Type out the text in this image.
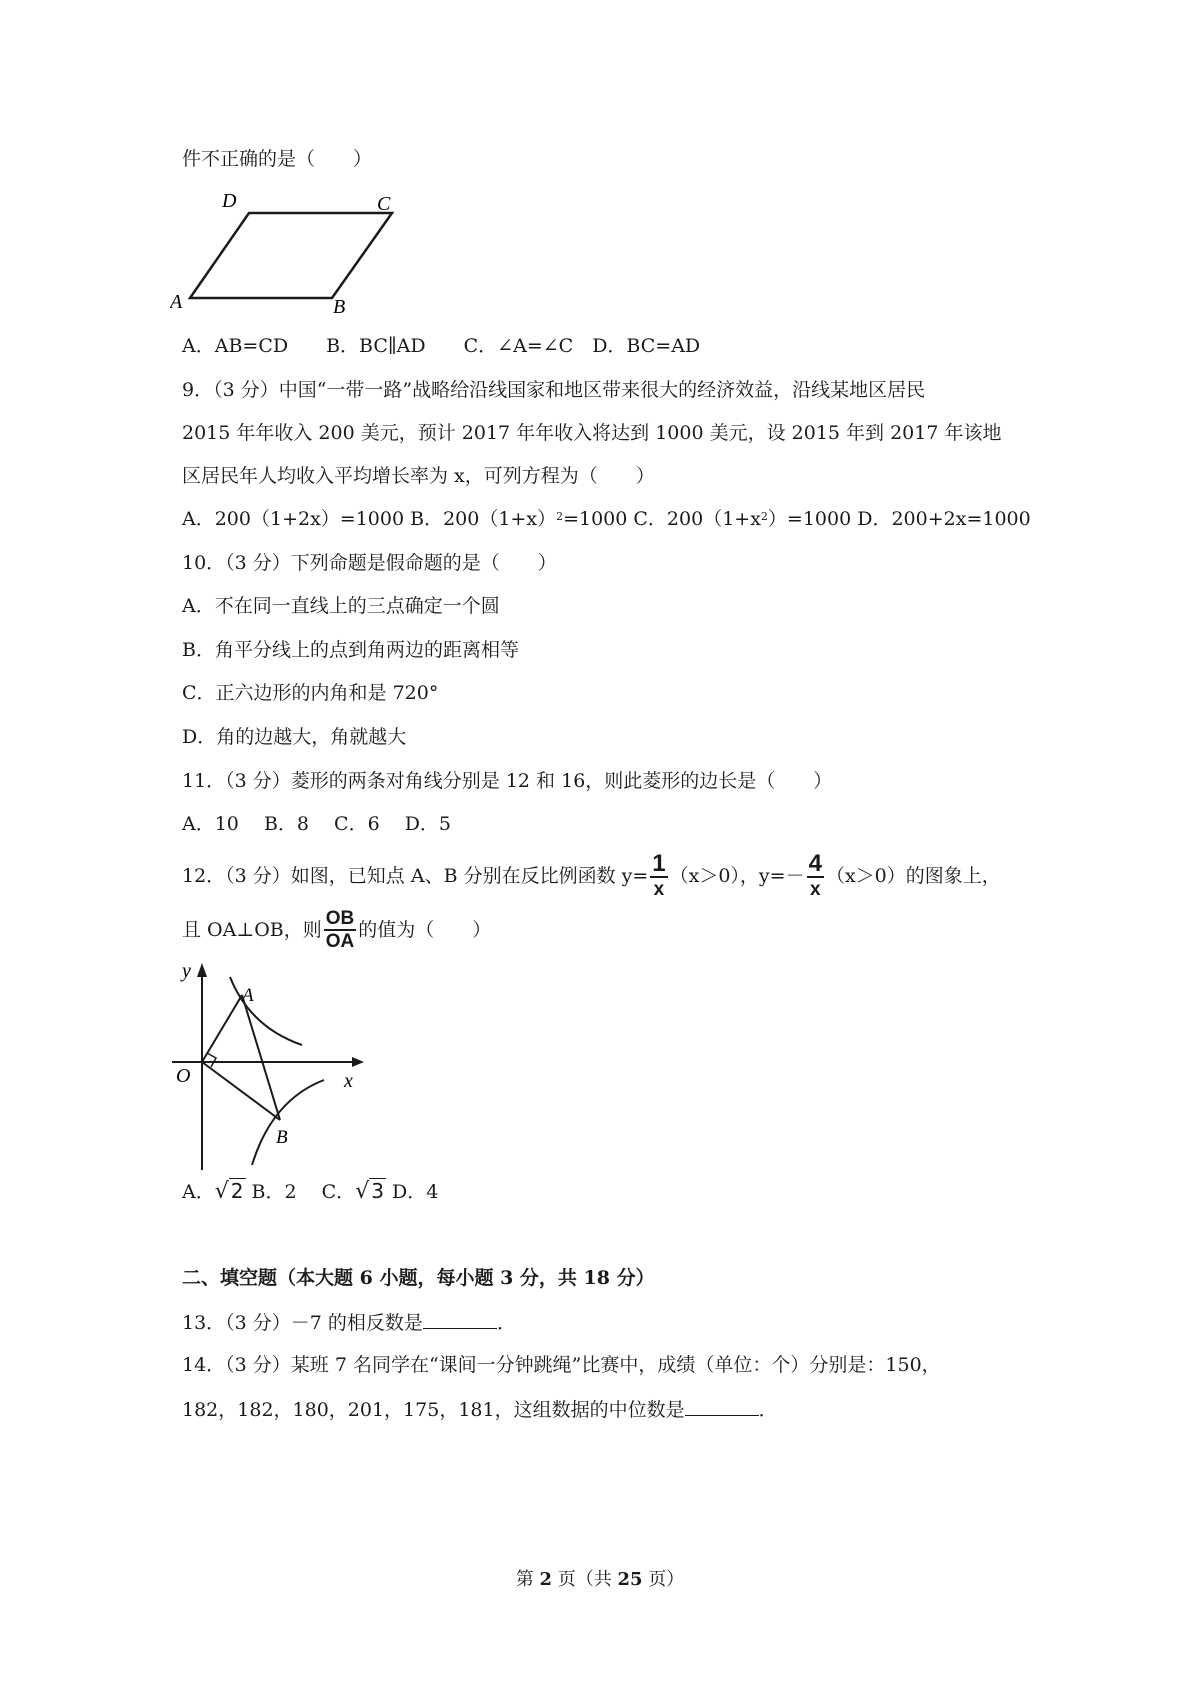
件不正确的是（　　）
D	C
A	B
A．AB=CD　　B．BC∥AD　　C．∠A=∠C　D．BC=AD
9．（3 分）中国“一带一路”战略给沿线国家和地区带来很大的经济效益，沿线某地区居民
2015 年年收入 200 美元，预计 2017 年年收入将达到 1000 美元，设 2015 年到 2017 年该地
区居民年人均收入平均增长率为 x，可列方程为（　　）
A．200（1+2x）=1000 B．$200(1+x)^2=1000$ C．$200(1+x^2)=1000$ D．200+2x=1000
10．（3 分）下列命题是假命题的是（　　）
A．不在同一直线上的三点确定一个圆
B．角平分线上的点到角两边的距离相等
C．正六边形的内角和是 720°
D．角的边越大，角就越大
11．（3 分）菱形的两条对角线分别是 12 和 16，则此菱形的边长是（　　）
A．10　 B．8　 C．6　 D．5
12．（3 分）如图，已知点 A、B 分别在反比例函数 $y= \frac{1}{x} (x>0)$，$y=- \frac{4}{x} (x>0)$的图象上，
且 OA⊥OB，则 $\frac{OB}{OA}$ 的值为（　　）
y
x
O
A
B
A．√ 2 B．2　 C．√ 3 D．4
二、填空题（本大题 6 小题，每小题 3 分，共 18 分）
13．（3 分）－7 的相反数是	．
14．（3 分）某班 7 名同学在“课间一分钟跳绳”比赛中，成绩（单位：个）分别是：150，
182，182，180，201，175，181，这组数据的中位数是	．
第 2 页（共 25 页）
